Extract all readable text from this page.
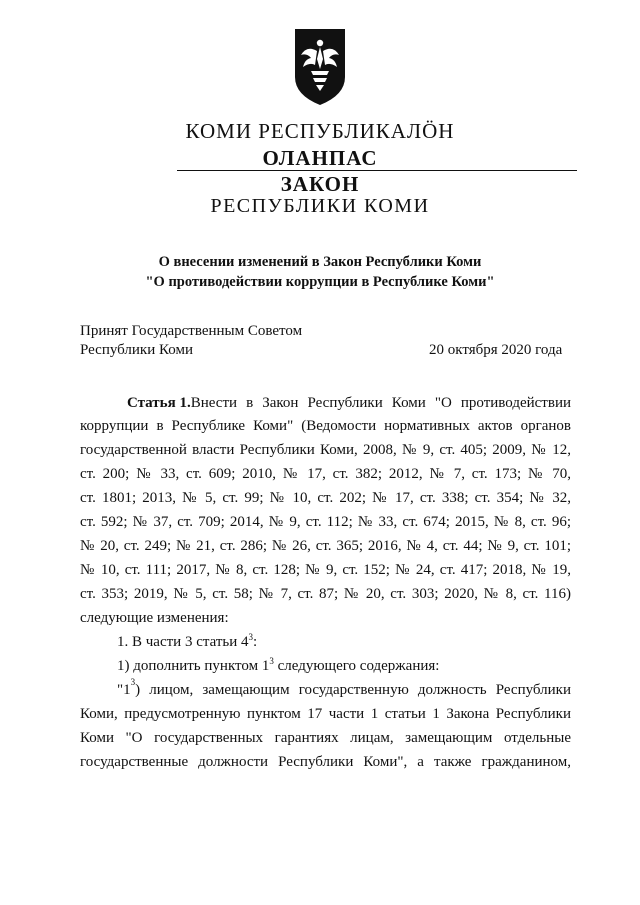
КОМИ РЕСПУБЛИКАЛӦН
ОЛАНПАС
ЗАКОН
РЕСПУБЛИКИ КОМИ
О внесении изменений в Закон Республики Коми
"О противодействии коррупции в Республике Коми"
Принят Государственным Советом
Республики Коми	20 октября 2020 года
Статья 1. Внести в Закон Республики Коми "О противодействии
коррупции в Республике Коми" (Ведомости нормативных актов органов
государственной власти Республики Коми, 2008, № 9, ст. 405; 2009, № 12,
ст. 200; № 33, ст. 609; 2010, № 17, ст. 382; 2012, № 7, ст. 173; № 70,
ст. 1801; 2013, № 5, ст. 99; № 10, ст. 202; № 17, ст. 338; ст. 354; № 32,
ст. 592; № 37, ст. 709; 2014, № 9, ст. 112; № 33, ст. 674; 2015, № 8, ст. 96;
№ 20, ст. 249; № 21, ст. 286; № 26, ст. 365; 2016, № 4, ст. 44; № 9, ст. 101;
№ 10, ст. 111; 2017, № 8, ст. 128; № 9, ст. 152; № 24, ст. 417; 2018, № 19,
ст. 353; 2019, № 5, ст. 58; № 7, ст. 87; № 20, ст. 303; 2020, № 8, ст. 116)
следующие изменения:
1. В части 3 статьи $4^3$:
1) дополнить пунктом $1^3$ следующего содержания:
"1 3 ) лицом, замещающим государственную должность Республики
Коми, предусмотренную пунктом 17 части 1 статьи 1 Закона Республики
Коми "О государственных гарантиях лицам, замещающим отдельные
государственные должности Республики Коми", а также гражданином,
